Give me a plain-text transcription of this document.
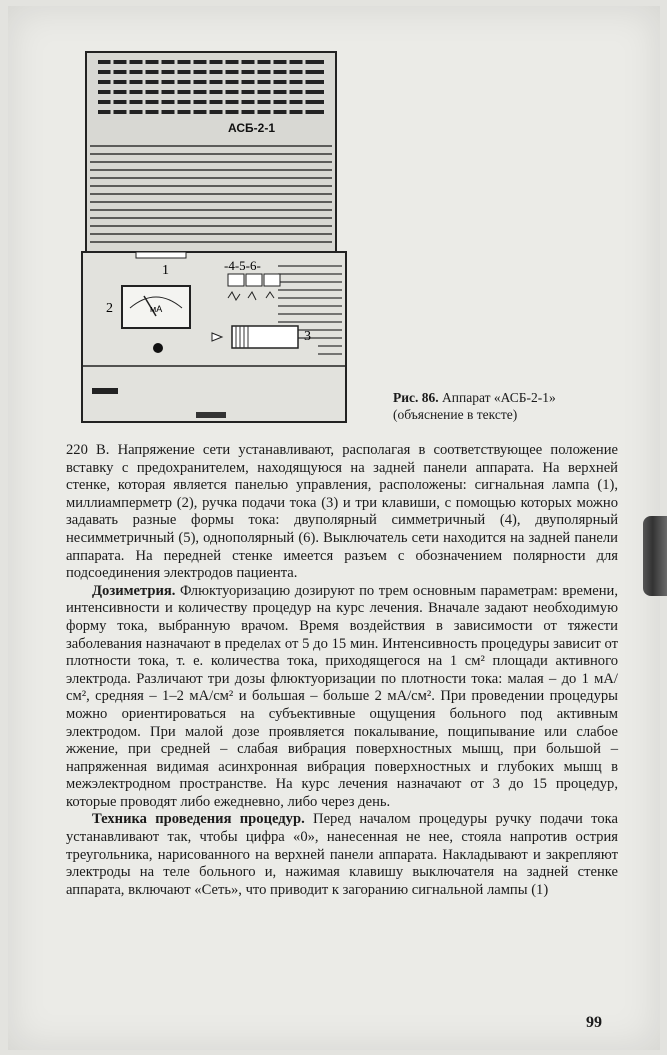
АСБ-2-1
1
мА
2
-4-5-6-
3
Рис. 86. Аппарат «АСБ-2-1»
(объяснение в тексте)

220 В. Напряжение сети устанавливают, располагая в соответствующее положение вставку с предохранителем, находящуюся на задней панели аппарата. На верхней стенке, которая является панелью управления, расположены: сигнальная лампа (1), миллиамперметр (2), ручка подачи тока (3) и три клавиши, с помощью которых можно задавать разные формы тока: двуполярный симметричный (4), двуполярный несимметричный (5), однополярный (6). Выключатель сети находится на задней панели аппарата. На передней стенке имеется разъем с обозначением полярности для подсоединения электродов пациента.

Дозиметрия. Флюктуоризацию дозируют по трем основным параметрам: времени, интенсивности и количеству процедур на курс лечения. Вначале задают необходимую форму тока, выбранную врачом. Время воздействия в зависимости от тяжести заболевания назначают в пределах от 5 до 15 мин. Интенсивность процедуры зависит от плотности тока, т. е. количества тока, приходящегося на 1 см² площади активного электрода. Различают три дозы флюктуоризации по плотности тока: малая – до 1 мА/см², средняя – 1–2 мА/см² и большая – больше 2 мА/см². При проведении процедуры можно ориентироваться на субъективные ощущения больного под активным электродом. При малой дозе проявляется покалывание, пощипывание или слабое жжение, при средней – слабая вибрация поверхностных мышц, при большой – напряженная видимая асинхронная вибрация поверхностных и глубоких мышц в межэлектродном пространстве. На курс лечения назначают от 3 до 15 процедур, которые проводят либо ежедневно, либо через день.

Техника проведения процедур. Перед началом процедуры ручку подачи тока устанавливают так, чтобы цифра «0», нанесенная не нее, стояла напротив острия треугольника, нарисованного на верхней панели аппарата. Накладывают и закрепляют электроды на теле больного и, нажимая клавишу выключателя на задней стенке аппарата, включают «Сеть», что приводит к загоранию сигнальной лампы (1)

99
